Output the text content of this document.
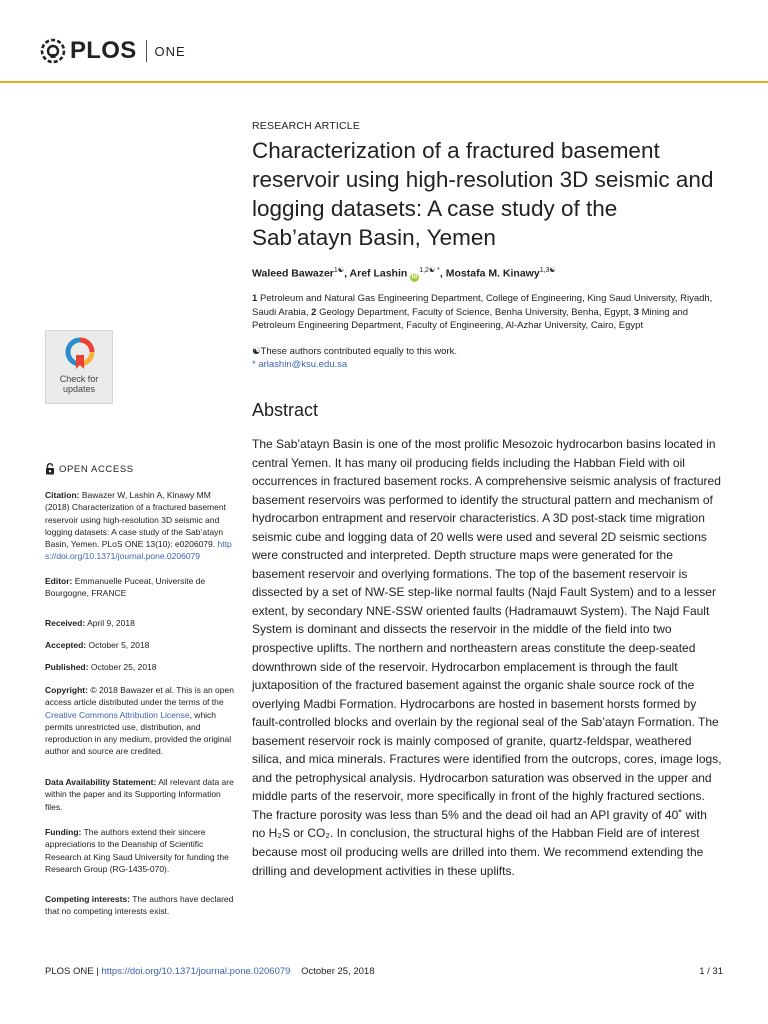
PLOS ONE
Check for updates
OPEN ACCESS

Citation: Bawazer W, Lashin A, Kinawy MM (2018) Characterization of a fractured basement reservoir using high-resolution 3D seismic and logging datasets: A case study of the Sab’atayn Basin, Yemen. PLoS ONE 13(10): e0206079. https://doi.org/10.1371/journal.pone.0206079

Editor: Emmanuelle Puceat, Universite de Bourgogne, FRANCE

Received: April 9, 2018

Accepted: October 5, 2018

Published: October 25, 2018

Copyright: © 2018 Bawazer et al. This is an open access article distributed under the terms of the Creative Commons Attribution License, which permits unrestricted use, distribution, and reproduction in any medium, provided the original author and source are credited.

Data Availability Statement: All relevant data are within the paper and its Supporting Information files.

Funding: The authors extend their sincere appreciations to the Deanship of Scientific Research at King Saud University for funding the Research Group (RG-1435-070).

Competing interests: The authors have declared that no competing interests exist.

RESEARCH ARTICLE
Characterization of a fractured basement reservoir using high-resolution 3D seismic and logging datasets: A case study of the Sab’atayn Basin, Yemen
Waleed Bawazer$^{1☯}$, Aref Lashin $iD^{1,2☯ *}$, Mostafa M. Kinawy$^{1,3☯}$
1 Petroleum and Natural Gas Engineering Department, College of Engineering, King Saud University, Riyadh, Saudi Arabia, 2 Geology Department, Faculty of Science, Benha University, Benha, Egypt, 3 Mining and Petroleum Engineering Department, Faculty of Engineering, Al-Azhar University, Cairo, Egypt
☯These authors contributed equally to this work.
* arlashin@ksu.edu.sa
Abstract

The Sab’atayn Basin is one of the most prolific Mesozoic hydrocarbon basins located in central Yemen. It has many oil producing fields including the Habban Field with oil occurrences in fractured basement rocks. A comprehensive seismic analysis of fractured basement reservoirs was performed to identify the structural pattern and mechanism of hydrocarbon entrapment and reservoir characteristics. A 3D post-stack time migration seismic cube and logging data of 20 wells were used and several 2D seismic sections were constructed and interpreted. Depth structure maps were generated for the basement reservoir and overlying formations. The top of the basement reservoir is dissected by a set of NW-SE step-like normal faults (Najd Fault System) and to a lesser extent, by secondary NNE-SSW oriented faults (Hadramauwt System). The Najd Fault System is dominant and dissects the reservoir in the middle of the field into two prospective uplifts. The northern and northeastern areas constitute the deep-seated downthrown side of the reservoir. Hydrocarbon emplacement is through the fault juxtaposition of the fractured basement against the organic shale source rock of the overlying Madbi Formation. Hydrocarbons are hosted in basement horsts formed by fault-controlled blocks and overlain by the regional seal of the Sab’atayn Formation. The basement reservoir rock is mainly composed of granite, quartz-feldspar, weathered silica, and mica minerals. Fractures were identified from the outcrops, cores, image logs, and the petrophysical analysis. Hydrocarbon saturation was observed in the upper and middle parts of the reservoir, more specifically in front of the highly fractured sections. The fracture porosity was less than 5% and the dead oil had an API gravity of 40˚ with no H₂S or CO₂. In conclusion, the structural highs of the Habban Field are of interest because most oil producing wells are drilled into them. We recommend extending the drilling and development activities in these uplifts.

PLOS ONE | https://doi.org/10.1371/journal.pone.0206079 October 25, 2018	1 / 31
